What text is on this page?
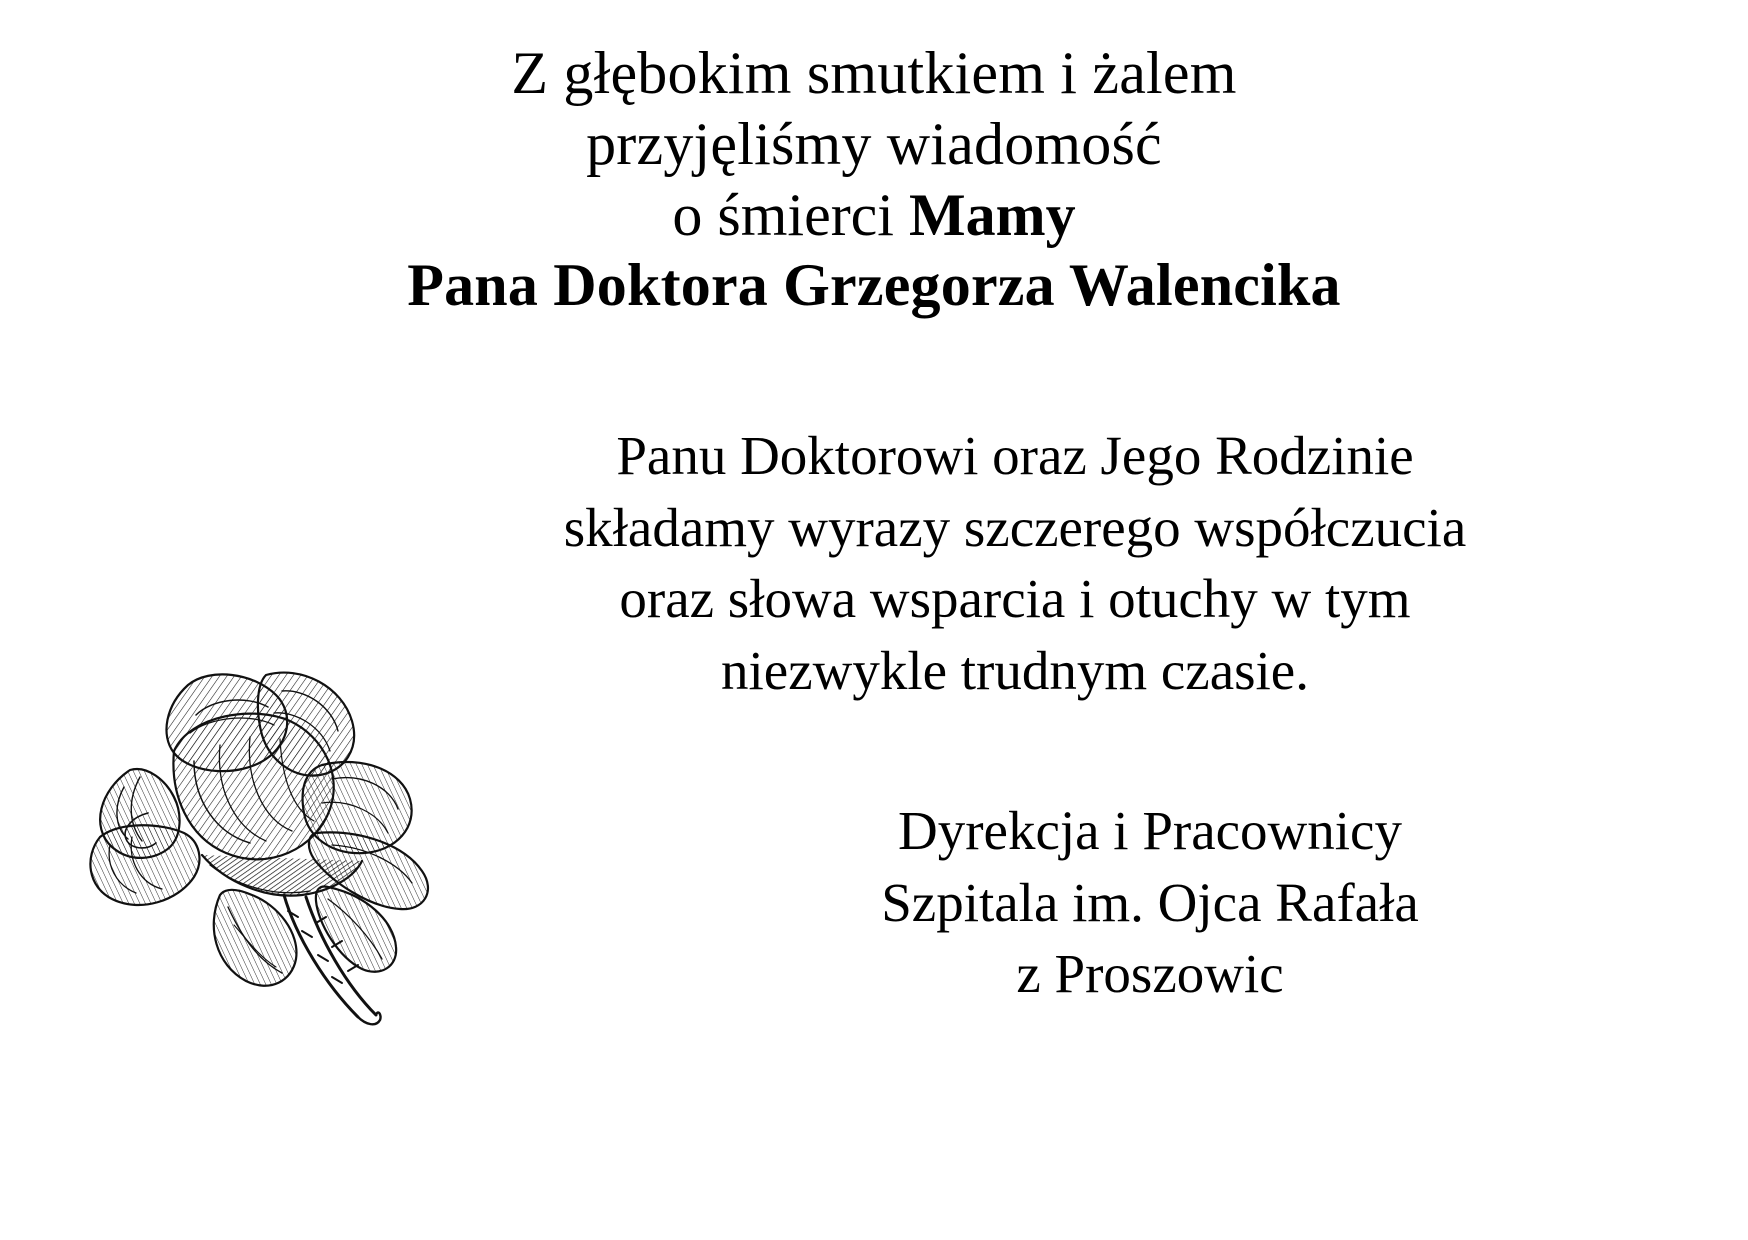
Z głębokim smutkiem i żalem
przyjęliśmy wiadomość
o śmierci Mamy
Pana Doktora Grzegorza Walencika
Panu Doktorowi oraz Jego Rodzinie
składamy wyrazy szczerego współczucia
oraz słowa wsparcia i otuchy w tym
niezwykle trudnym czasie.
Dyrekcja i Pracownicy
Szpitala im. Ojca Rafała
z Proszowic
